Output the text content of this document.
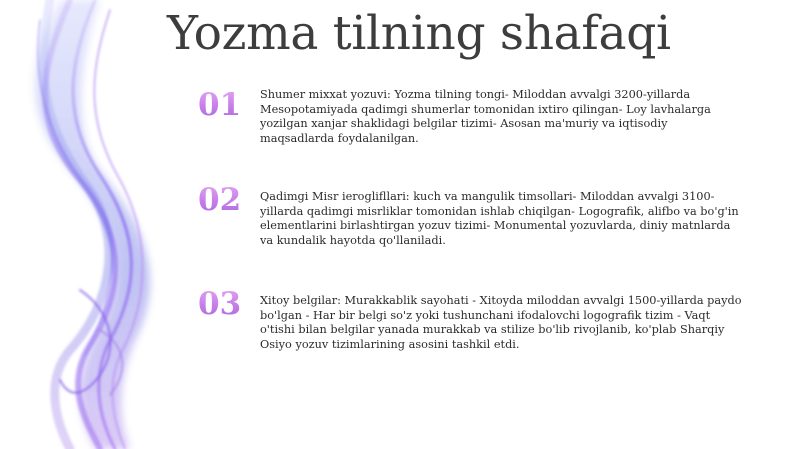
Yozma tilning shafaqi
01 Shumer mixxat yozuvi: Yozma tilning tongi- Miloddan avvalgi 3200-yillarda Mesopotamiyada qadimgi shumerlar tomonidan ixtiro qilingan- Loy lavhalarga yozilgan xanjar shaklidagi belgilar tizimi- Asosan ma'muriy va iqtisodiy maqsadlarda foydalanilgan.
02 Qadimgi Misr ieroglifllari: kuch va mangulik timsollari- Miloddan avvalgi 3100-yillarda qadimgi misrliklar tomonidan ishlab chiqilgan- Logografik, alifbo va bo'g'in elementlarini birlashtirgan yozuv tizimi- Monumental yozuvlarda, diniy matnlarda va kundalik hayotda qo'llaniladi.
03 Xitoy belgilar: Murakkablik sayohati - Xitoyda miloddan avvalgi 1500-yillarda paydo bo'lgan - Har bir belgi so'z yoki tushunchani ifodalovchi logografik tizim - Vaqt o'tishi bilan belgilar yanada murakkab va stilize bo'lib rivojlanib, ko'plab Sharqiy Osiyo yozuv tizimlarining asosini tashkil etdi.
